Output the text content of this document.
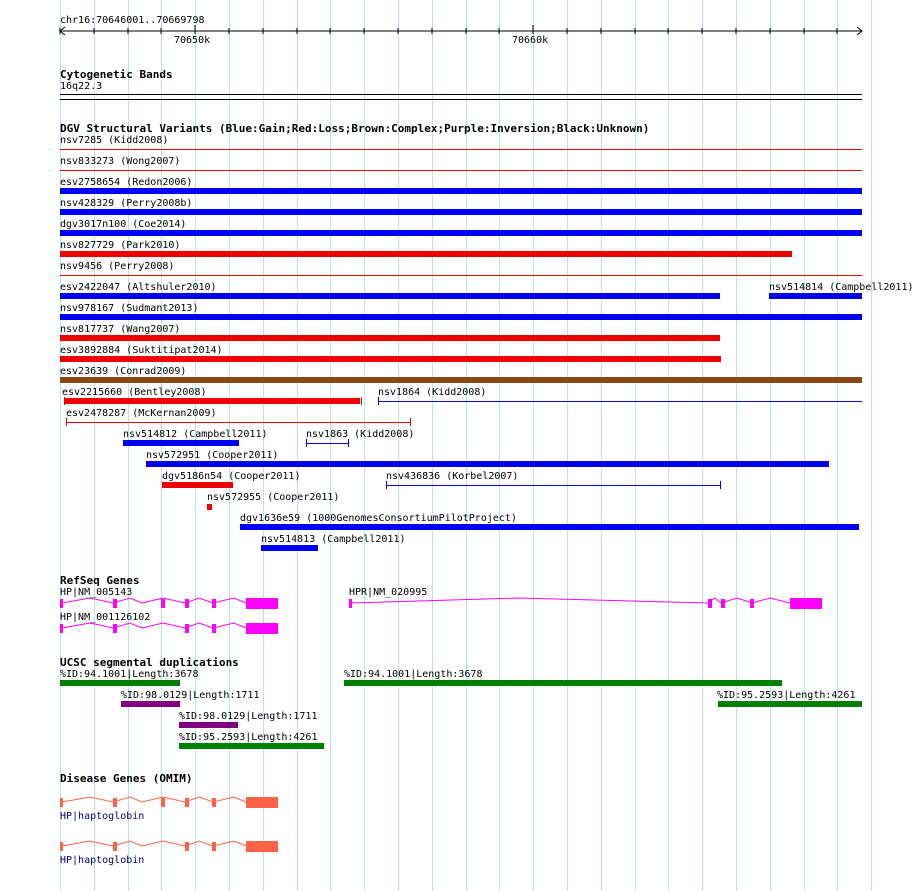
chr16:70646001..70669798
70650k	70660k
Cytogenetic Bands
16q22.3
DGV Structural Variants (Blue:Gain;Red:Loss;Brown:Complex;Purple:Inversion;Black:Unknown)
nsv7285 (Kidd2008)
nsv833273 (Wong2007)
esv2758654 (Redon2006)
nsv428329 (Perry2008b)
dgv3017n100 (Coe2014)
nsv827729 (Park2010)
nsv9456 (Perry2008)
esv2422047 (Altshuler2010)	nsv514814 (Campbell2011)
nsv978167 (Sudmant2013)
nsv817737 (Wang2007)
esv3892884 (Suktitipat2014)
esv23639 (Conrad2009)
esv2215660 (Bentley2008)	nsv1864 (Kidd2008)
esv2478287 (McKernan2009)
nsv514812 (Campbell2011)	nsv1863 (Kidd2008)
nsv572951 (Cooper2011)
dgv5186n54 (Cooper2011)	nsv436836 (Korbel2007)
nsv572955 (Cooper2011)
dgv1636e59 (1000GenomesConsortiumPilotProject)
nsv514813 (Campbell2011)
RefSeq Genes
HP|NM_005143
HP|NM_001126102
HPR|NM_020995
UCSC segmental duplications
%ID:94.1001|Length:3678	%ID:94.1001|Length:3678
%ID:98.0129|Length:1711	%ID:95.2593|Length:4261
%ID:98.0129|Length:1711
%ID:95.2593|Length:4261
Disease Genes (OMIM)
HP|haptoglobin
HP|haptoglobin
